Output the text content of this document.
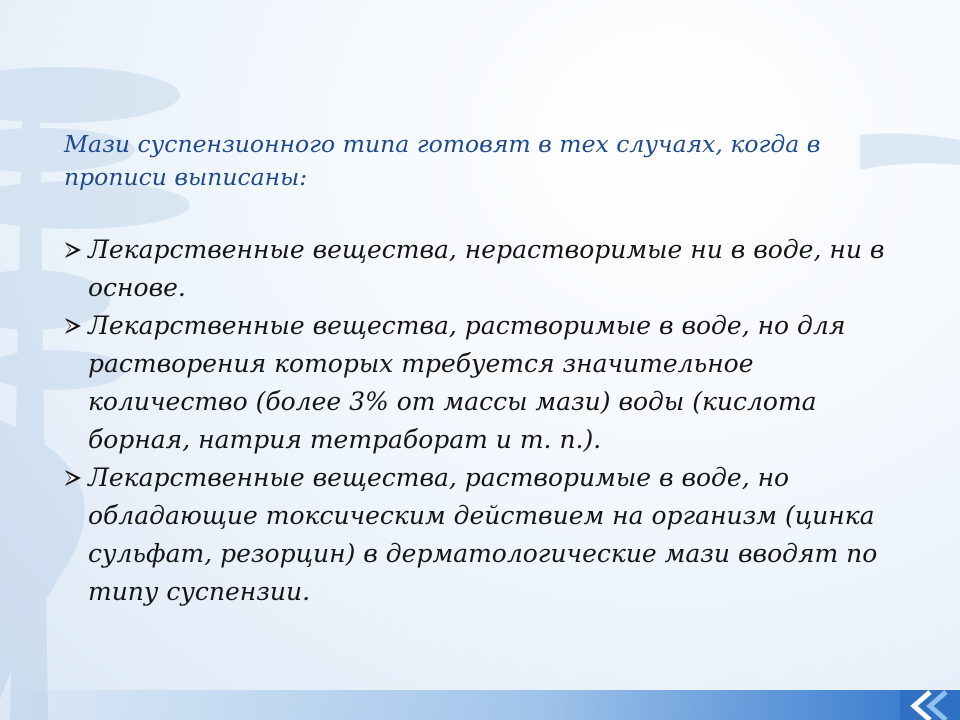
Мази суспензионного типа готовят в тех случаях, когда в прописи выписаны:

Лекарственные вещества, нерастворимые ни в воде, ни в основе.
Лекарственные вещества, растворимые в воде, но для растворения которых требуется значительное количество (более 3% от массы мази) воды (кислота борная, натрия тетраборат и т. п.).
Лекарственные вещества, растворимые в воде, но обладающие токсическим действием на организм (цинка сульфат, резорцин) в дерматологические мази вводят по типу суспензии.
